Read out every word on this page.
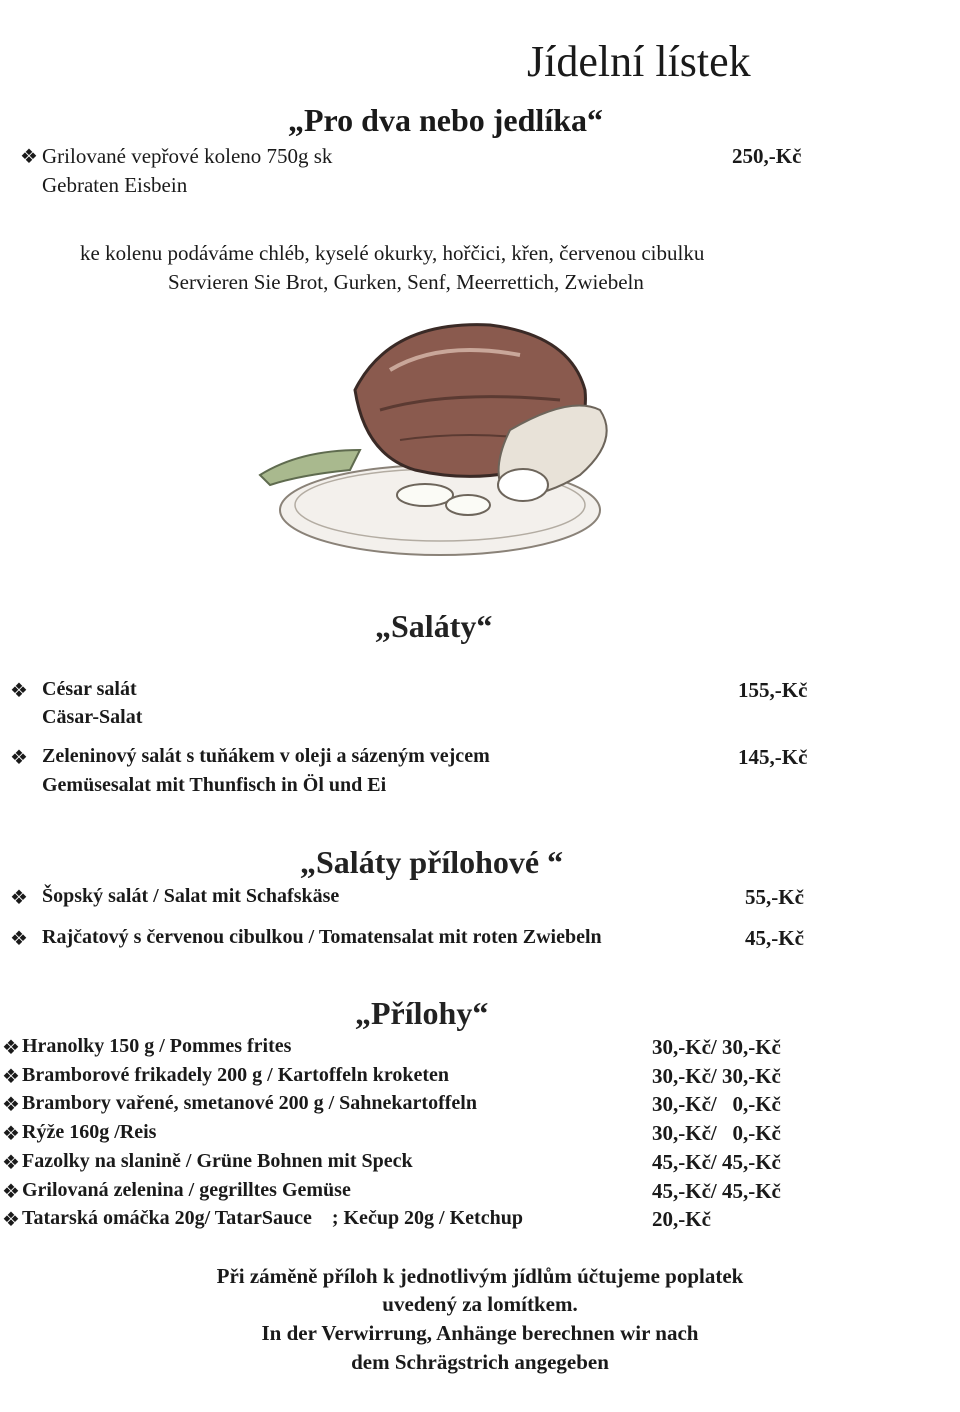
Jídelní lístek
„Pro dva nebo jedlíka“
❖ Grilované vepřové koleno 750g sk	250,-Kč
Gebraten Eisbein
ke kolenu podáváme chléb, kyselé okurky, hořčici, křen, červenou cibulku
Servieren Sie Brot, Gurken, Senf, Meerrettich, Zwiebeln
„Saláty“
❖ César salát	155,-Kč
Cäsar-Salat
❖ Zeleninový salát s tuňákem v oleji a sázeným vejcem	145,-Kč
Gemüsesalat mit Thunfisch in Öl und Ei
„Saláty přílohové “
❖ Šopský salát / Salat mit Schafskäse	55,-Kč
❖ Rajčatový s červenou cibulkou / Tomatensalat mit roten Zwiebeln	45,-Kč
„Přílohy“
❖ Hranolky 150 g / Pommes frites	30,-Kč/ 30,-Kč
❖ Bramborové frikadely 200 g / Kartoffeln kroketen	30,-Kč/ 30,-Kč
❖ Brambory vařené, smetanové 200 g / Sahnekartoffeln	30,-Kč/   0,-Kč
❖ Rýže 160g /Reis	30,-Kč/   0,-Kč
❖ Fazolky na slanině / Grüne Bohnen mit Speck	45,-Kč/ 45,-Kč
❖ Grilovaná zelenina / gegrilltes Gemüse	45,-Kč/ 45,-Kč
❖ Tatarská omáčka 20g/ TatarSauce    ; Kečup 20g / Ketchup	20,-Kč
Při záměně příloh k jednotlivým jídlům účtujeme poplatek
uvedený za lomítkem.
In der Verwirrung, Anhänge berechnen wir nach
dem Schrägstrich angegeben
